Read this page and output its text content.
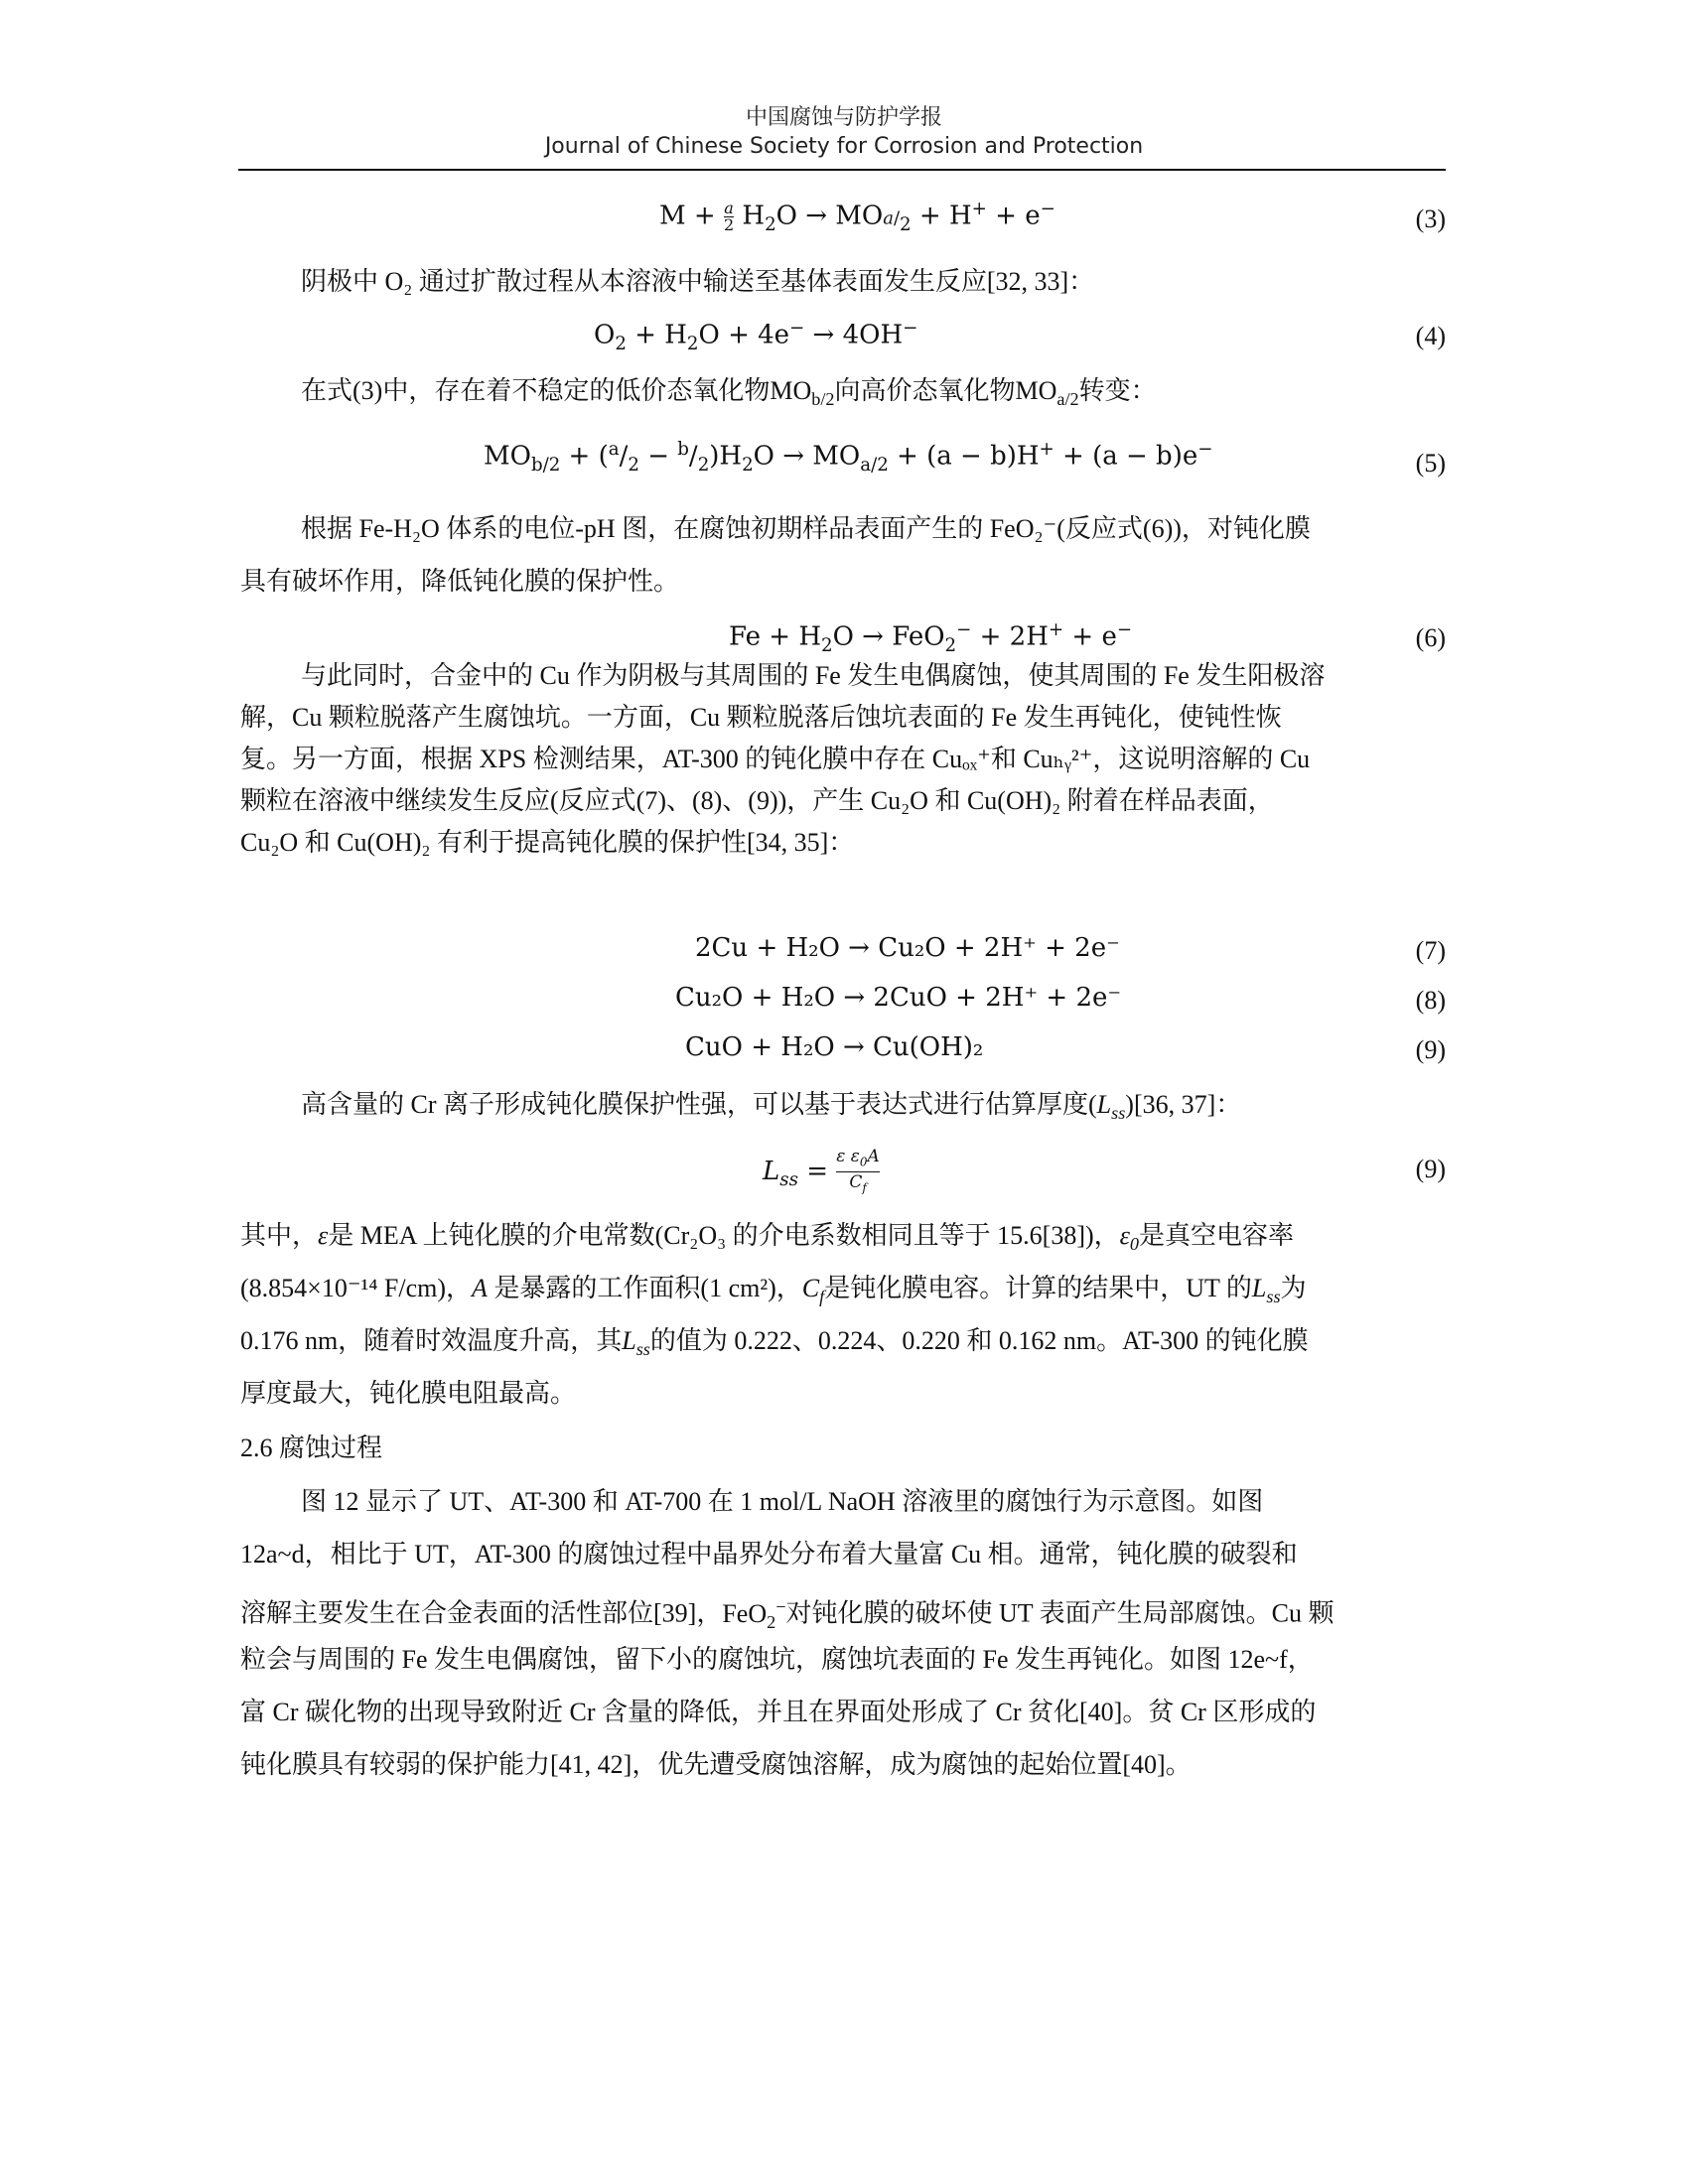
中国腐蚀与防护学报
Journal of Chinese Society for Corrosion and Protection
$M + \frac{a}{2} H_2O \to MOa/_2 + H^+ + e^-$	(3)
阴极中 O₂ 通过扩散过程从本溶液中输送至基体表面发生反应[32, 33]：
$O_2 + H_2O + 4e^- \to 4OH^-$	(4)
在式(3)中，存在着不稳定的低价态氧化物$MO_{b/2}$向高价态氧化物$MO_{a/2}$转变：
$MO_{b/2} + (^a/_2 - ^b/_2)H_2O \to MO_{a/2} + (a - b)H^+ + (a - b)e^-$	(5)
根据 Fe-H₂O 体系的电位-pH 图，在腐蚀初期样品表面产生的 FeO₂⁻(反应式(6))，对钝化膜
具有破坏作用，降低钝化膜的保护性。
$Fe + H_2O \to FeO_2^- + 2H^+ + e^-$	(6)
与此同时，合金中的 Cu 作为阴极与其周围的 Fe 发生电偶腐蚀，使其周围的 Fe 发生阳极溶
解，Cu 颗粒脱落产生腐蚀坑。一方面，Cu 颗粒脱落后蚀坑表面的 Fe 发生再钝化，使钝性恢
复。另一方面，根据 XPS 检测结果，AT-300 的钝化膜中存在 Cuₒₓ⁺和 Cuₕᵧ²⁺，这说明溶解的 Cu
颗粒在溶液中继续发生反应(反应式(7)、(8)、(9))，产生 Cu₂O 和 Cu(OH)₂ 附着在样品表面，
Cu₂O 和 Cu(OH)₂ 有利于提高钝化膜的保护性[34, 35]：
2Cu + H₂O → Cu₂O + 2H⁺ + 2e⁻	(7)
Cu₂O + H₂O → 2CuO + 2H⁺ + 2e⁻	(8)
CuO + H₂O → Cu(OH)₂	(9)
高含量的 Cr 离子形成钝化膜保护性强，可以基于表达式进行估算厚度$(L_{ss})[36$, 37]：
$L_{ss} = \frac{\varepsilon \varepsilon_0A}{C_f}$	(9)
其中，ε是 MEA 上钝化膜的介电常数(Cr₂O₃ 的介电系数相同且等于 15.6[38])，$\varepsilon_0$是真空电容率
(8.854×10⁻¹⁴ F/cm)，A 是暴露的工作面积(1 cm²)，$C_f$是钝化膜电容。计算的结果中，UT 的$L_{ss}$为
0.176 nm，随着时效温度升高，其$L_{ss}$的值为 0.222、0.224、0.220 和 0.162 nm。AT-300 的钝化膜
厚度最大，钝化膜电阻最高。
2.6 腐蚀过程
图 12 显示了 UT、AT-300 和 AT-700 在 1 mol/L NaOH 溶液里的腐蚀行为示意图。如图
12a~d，相比于 UT，AT-300 的腐蚀过程中晶界处分布着大量富 Cu 相。通常，钝化膜的破裂和
溶解主要发生在合金表面的活性部位[39]，FeO$_2$−对钝化膜的破坏使 UT 表面产生局部腐蚀。Cu 颗
粒会与周围的 Fe 发生电偶腐蚀，留下小的腐蚀坑，腐蚀坑表面的 Fe 发生再钝化。如图 12e~f，
富 Cr 碳化物的出现导致附近 Cr 含量的降低，并且在界面处形成了 Cr 贫化[40]。贫 Cr 区形成的
钝化膜具有较弱的保护能力[41, 42]，优先遭受腐蚀溶解，成为腐蚀的起始位置[40]。
